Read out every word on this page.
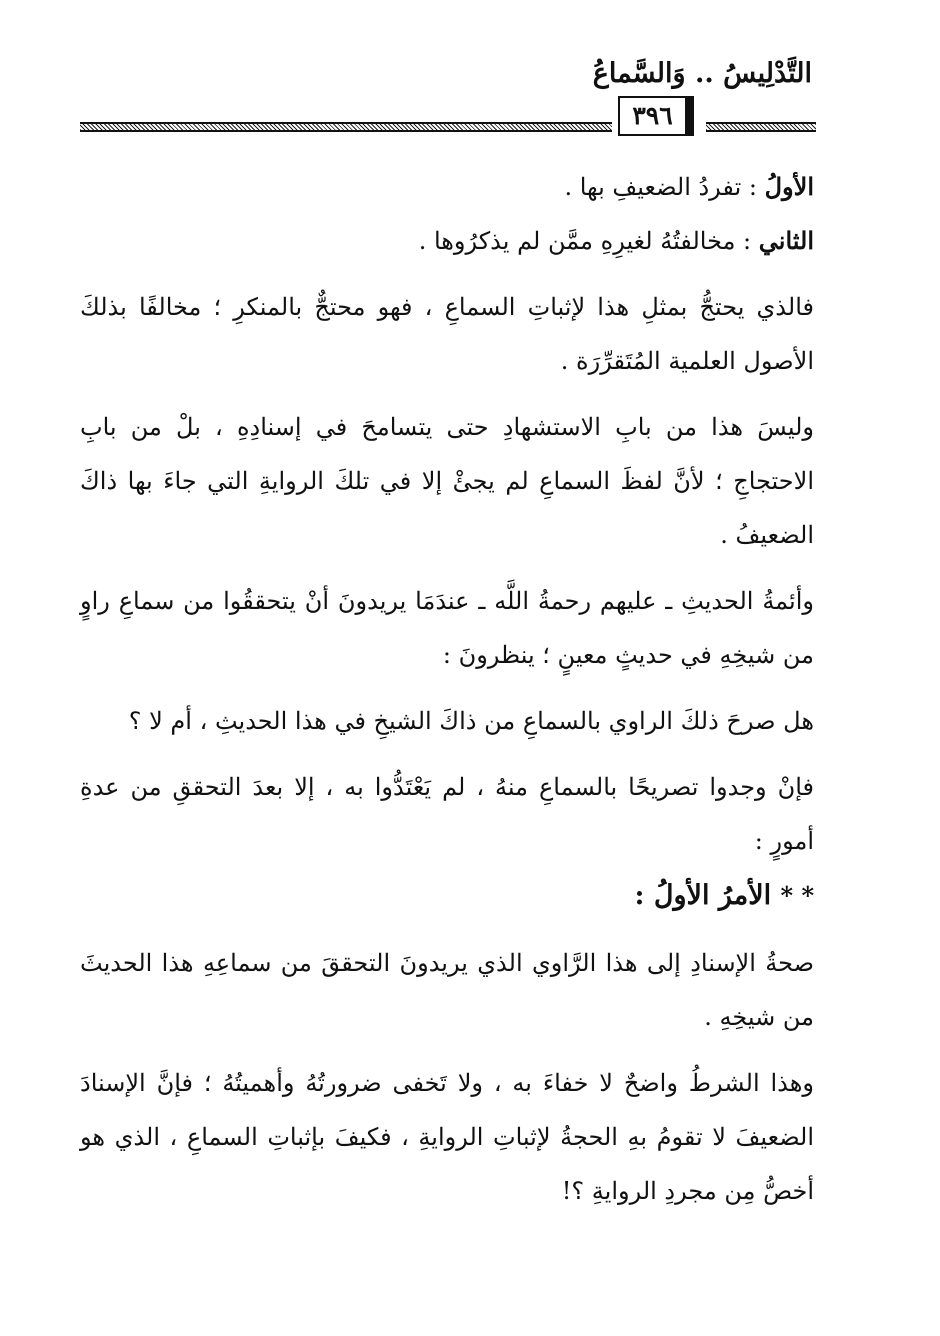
التَّدْلِيسُ .. وَالسَّماعُ
٣٩٦

الأولُ : تفردُ الضعيفِ بها .

الثاني : مخالفتُهُ لغيرِهِ ممَّن لم يذكرُوها .

فالذي يحتجُّ بمثلِ هذا لإثباتِ السماعِ ، فهو محتجٌّ بالمنكرِ ؛ مخالفًا بذلكَ الأصول العلمية المُتَقرِّرَة .

وليسَ هذا من بابِ الاستشهادِ حتى يتسامحَ في إسنادِهِ ، بلْ من بابِ الاحتجاجِ ؛ لأنَّ لفظَ السماعِ لم يجئْ إلا في تلكَ الروايةِ التي جاءَ بها ذاكَ الضعيفُ .

وأئمةُ الحديثِ ـ عليهم رحمةُ اللَّه ـ عندَمَا يريدونَ أنْ يتحققُوا من سماعِ راوٍ من شيخِهِ في حديثٍ معينٍ ؛ ينظرونَ :

هل صرحَ ذلكَ الراوي بالسماعِ من ذاكَ الشيخِ في هذا الحديثِ ، أم لا ؟

فإنْ وجدوا تصريحًا بالسماعِ منهُ ، لم يَعْتَدُّوا به ، إلا بعدَ التحققِ من عدةِ أمورٍ :

* * الأمرُ الأولُ :

صحةُ الإسنادِ إلى هذا الرَّاوي الذي يريدونَ التحققَ من سماعِهِ هذا الحديثَ من شيخِهِ .

وهذا الشرطُ واضحٌ لا خفاءَ به ، ولا تَخفى ضرورتُهُ وأهميتُهُ ؛ فإنَّ الإسنادَ الضعيفَ لا تقومُ بهِ الحجةُ لإثباتِ الروايةِ ، فكيفَ بإثباتِ السماعِ ، الذي هو أخصُّ مِن مجردِ الروايةِ ؟!
